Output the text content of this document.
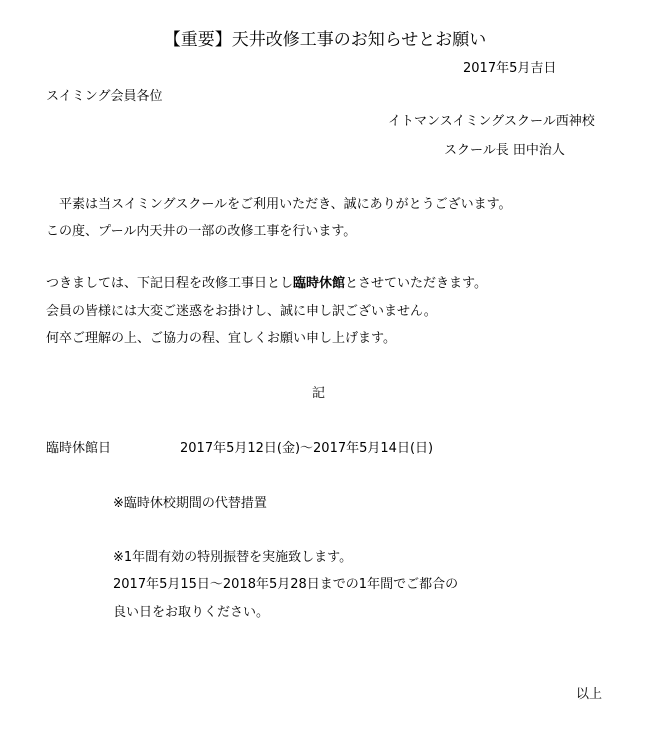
【重要】天井改修工事のお知らせとお願い
2017年5月吉日
スイミング会員各位
イトマンスイミングスクール西神校
スクール長 田中治人
　平素は当スイミングスクールをご利用いただき、誠にありがとうございます。
この度、プール内天井の一部の改修工事を行います。
つきましては、下記日程を改修工事日とし臨時休館とさせていただきます。
会員の皆様には大変ご迷惑をお掛けし、誠に申し訳ございません。
何卒ご理解の上、ご協力の程、宜しくお願い申し上げます。
記
臨時休館日	2017年5月12日(金)～2017年5月14日(日)
※臨時休校期間の代替措置
※1年間有効の特別振替を実施致します。
2017年5月15日～2018年5月28日までの1年間でご都合の
良い日をお取りください。
以上
